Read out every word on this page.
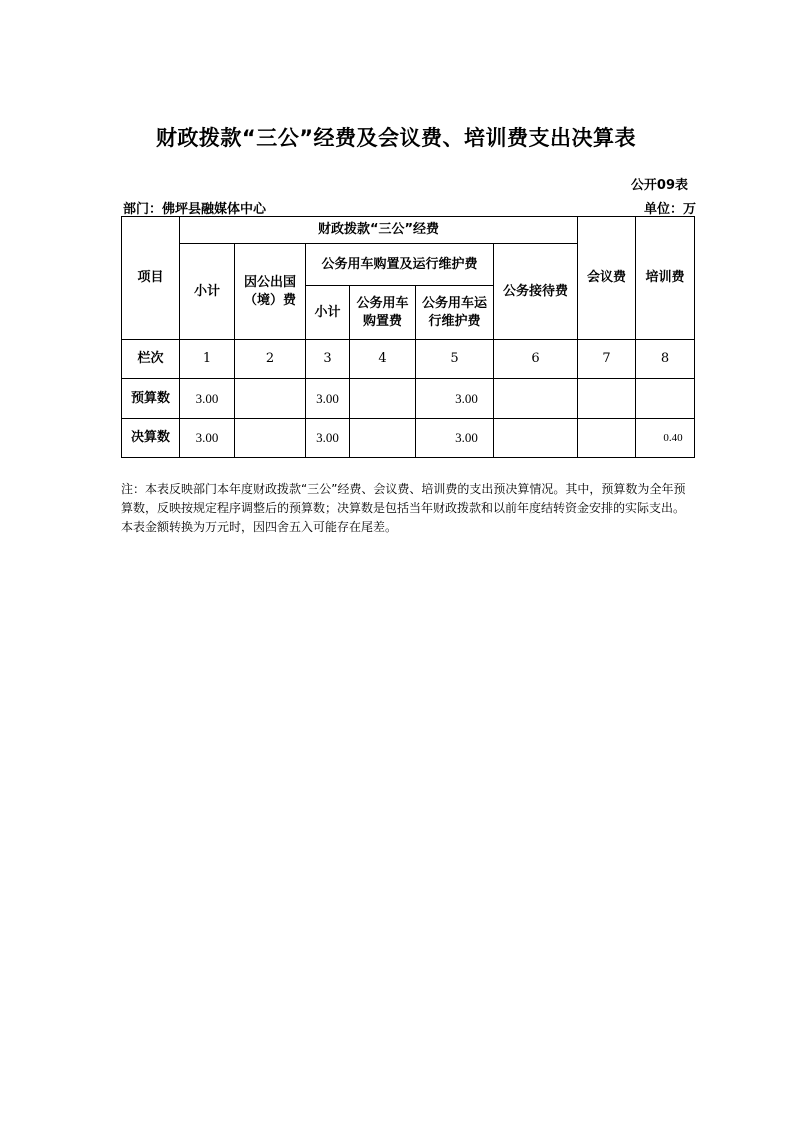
财政拨款“三公”经费及会议费、培训费支出决算表
公开09表
部门：佛坪县融媒体中心	单位：万
项目	财政拨款“三公”经费						会议费	培训费
	小计	因公出国（境）费	公务用车购置及运行维护费			公务接待费		
			小计	公务用车购置费	公务用车运行维护费			
栏次	1	2	3	4	5	6	7	8
预算数	3.00		3.00		3.00			
决算数	3.00		3.00		3.00			0.40
注：本表反映部门本年度财政拨款“三公”经费、会议费、培训费的支出预决算情况。其中，预算数为全年预算数，反映按规定程序调整后的预算数；决算数是包括当年财政拨款和以前年度结转资金安排的实际支出。本表金额转换为万元时，因四舍五入可能存在尾差。
